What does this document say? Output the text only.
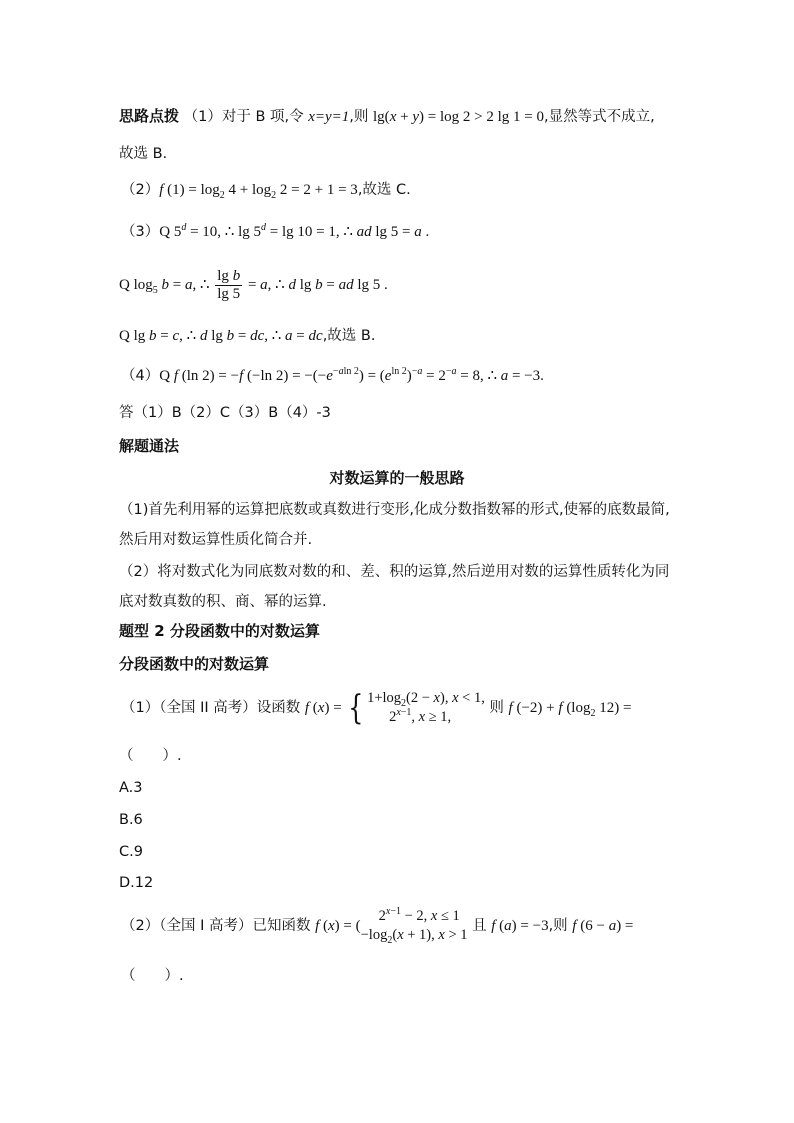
思路点拨 （1）对于 B 项,令 x=y=1,则 lg(x + y) = log 2 > 2 lg 1 = 0,显然等式不成立,
故选 B.
（2）f $(1) = \log_2 4 + \log_2 2 = 2 + 1 = 3$,故选 C.
（3）Q $5^d = 10$, ∴ $\lg 5^d = \lg 10 = 1$, ∴ ad lg 5 = a .
Q $\log_5 b = a$, ∴ $\frac{\text{lg b}}{\lg 5} = a$, ∴ d lg b = ad lg 5 .
Q lg b = c, ∴ d lg b = dc, ∴ a = dc,故选 B.
（4）Q f (ln 2) = −f (−ln $2) = -(-e^{-aln 2}) = (e^{ln 2})^{-a} = 2^{-a} = 8$, ∴ a = −3.
答（1）B（2）C（3）B（4）-3
解题通法
对数运算的一般思路
（1)首先利用幂的运算把底数或真数进行变形,化成分数指数幂的形式,使幂的底数最简,然后用对数运算性质化简合并.
（2）将对数式化为同底数对数的和、差、积的运算,然后逆用对数的运算性质转化为同底对数真数的积、商、幂的运算.
题型 2 分段函数中的对数运算
分段函数中的对数运算
（1）（全国 II 高考）设函数 f (x) = { $1+\log_2(2 - x)$, x < 1,
$2^{x-1}$, x ≥ 1,
则 f (−2) + f ($\log_2$ 12) =
（　　）.
A.3
B.6
C.9
D.12
（2）（全国 I 高考）已知函数 f (x) = (
$2^{x-1} - 2$, x ≤ 1
$-\log_2(x + 1)$, x > 1
且 f (a) = −3,则 f (6 − a) =
（　　）.
